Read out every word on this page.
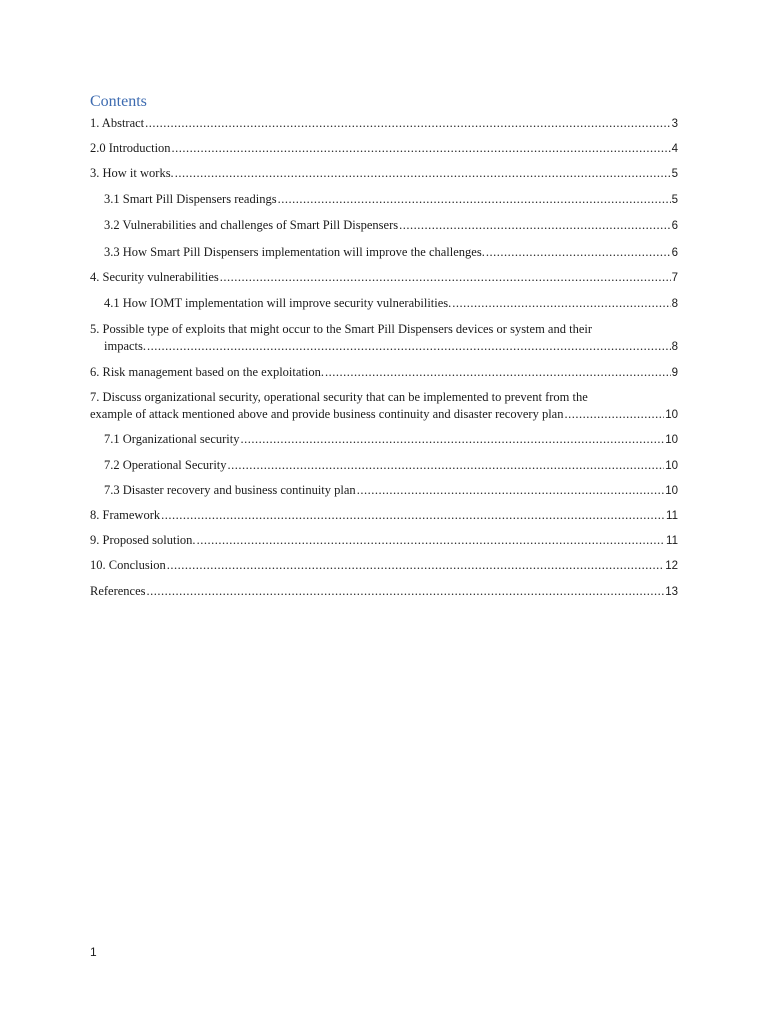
Contents
1. Abstract .....	3
2.0 Introduction .....	4
3. How it works. .....	5
3.1 Smart Pill Dispensers readings .....	5
3.2 Vulnerabilities and challenges of Smart Pill Dispensers .....	6
3.3 How Smart Pill Dispensers implementation will improve the challenges. .....	6
4. Security vulnerabilities .....	7
4.1 How IOMT implementation will improve security vulnerabilities. .....	8
5. Possible type of exploits that might occur to the Smart Pill Dispensers devices or system and their
impacts. .....	8
6. Risk management based on the exploitation. .....	9
7. Discuss organizational security, operational security that can be implemented to prevent from the
example of attack mentioned above and provide business continuity and disaster recovery plan .....	10
7.1 Organizational security .....	10
7.2 Operational Security .....	10
7.3 Disaster recovery and business continuity plan .....	10
8. Framework .....	11
9. Proposed solution. .....	11
10. Conclusion .....	12
References .....	13
1
